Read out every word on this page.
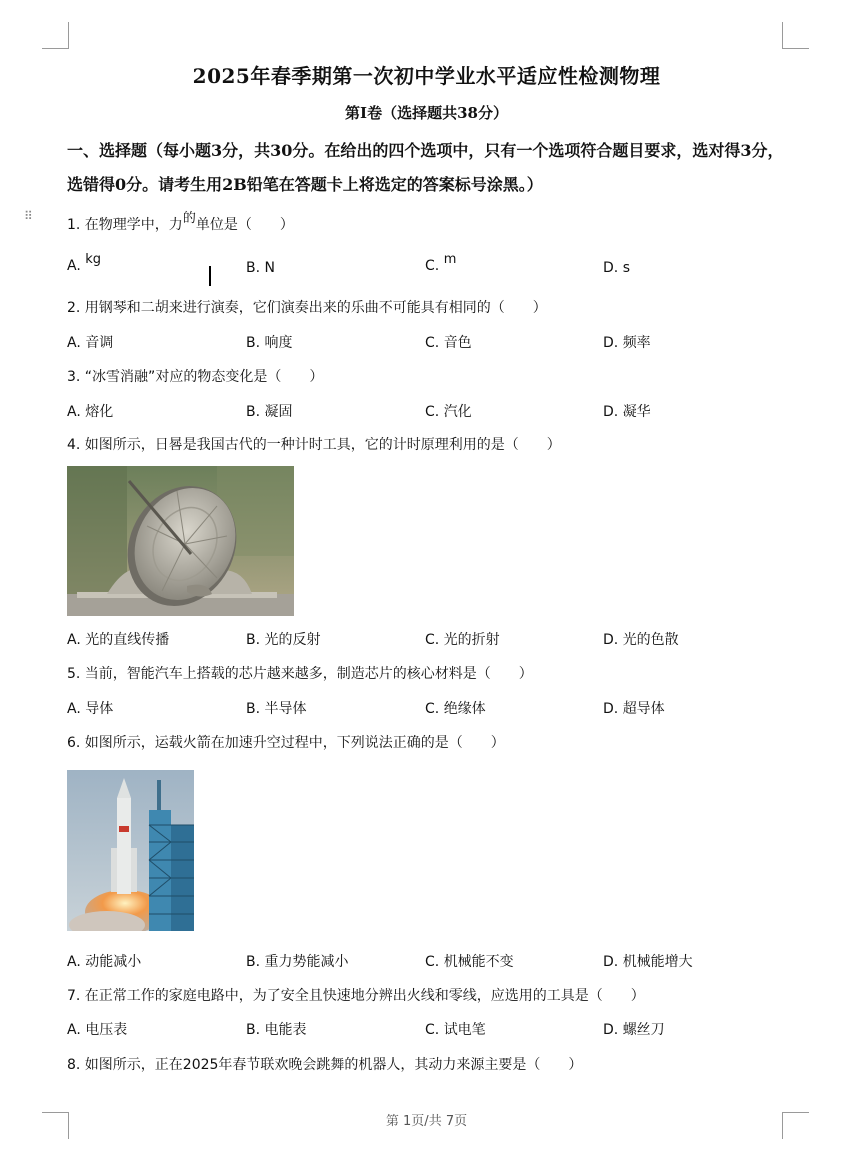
2025年春季期第一次初中学业水平适应性检测物理
第I卷（选择题共38分）
一、选择题（每小题3分，共30分。在给出的四个选项中，只有一个选项符合题目要求，选对得3分，选错得0分。请考生用2B铅笔在答题卡上将选定的答案标号涂黑。）
⠿
1. 在物理学中，力的单位是（　　）
A. kg
B. N	C. m
D. s
2. 用钢琴和二胡来进行演奏，它们演奏出来的乐曲不可能具有相同的（　　）
A. 音调	B. 响度	C. 音色	D. 频率
3. “冰雪消融”对应的物态变化是（　　）
A. 熔化	B. 凝固	C. 汽化	D. 凝华
4. 如图所示，日晷是我国古代的一种计时工具，它的计时原理利用的是（　　）
A. 光的直线传播	B. 光的反射	C. 光的折射	D. 光的色散
5. 当前，智能汽车上搭载的芯片越来越多，制造芯片的核心材料是（　　）
A. 导体	B. 半导体	C. 绝缘体	D. 超导体
6. 如图所示，运载火箭在加速升空过程中，下列说法正确的是（　　）
A. 动能减小	B. 重力势能减小	C. 机械能不变	D. 机械能增大
7. 在正常工作的家庭电路中，为了安全且快速地分辨出火线和零线，应选用的工具是（　　）
A. 电压表	B. 电能表	C. 试电笔	D. 螺丝刀
8. 如图所示，正在2025年春节联欢晚会跳舞的机器人，其动力来源主要是（　　）
第 1页/共 7页
